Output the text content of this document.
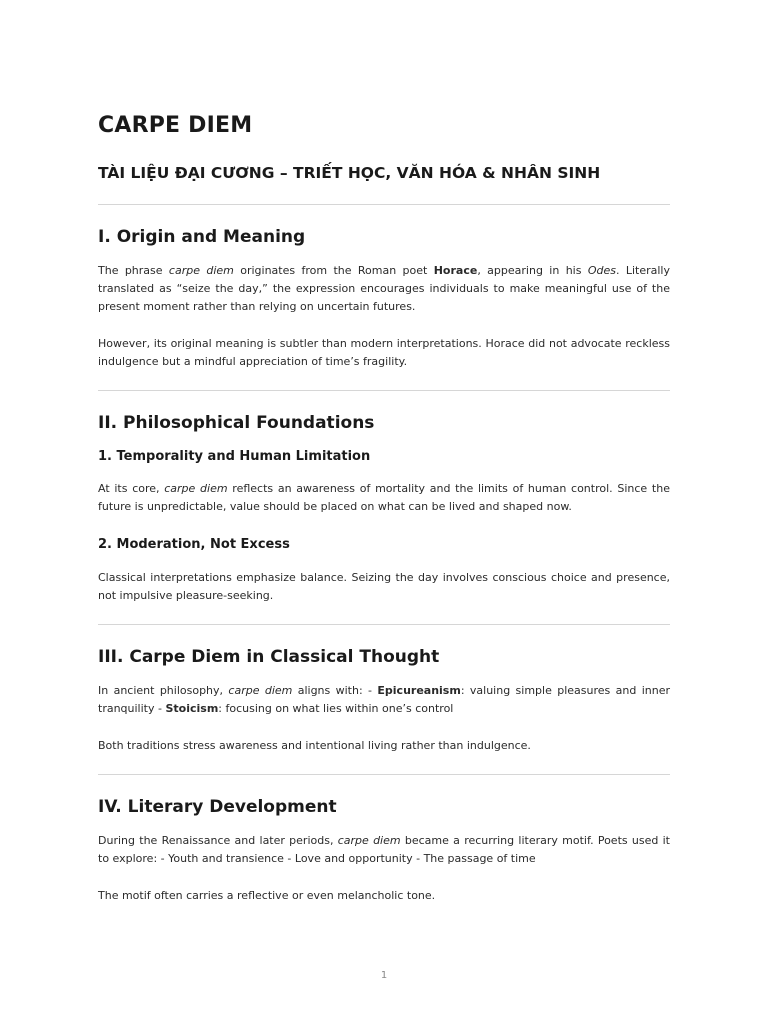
CARPE DIEM
TÀI LIỆU ĐẠI CƯƠNG – TRIẾT HỌC, VĂN HÓA & NHÂN SINH
I. Origin and Meaning

The phrase carpe diem originates from the Roman poet Horace, appearing in his Odes. Literally translated as “seize the day,” the expression encourages individuals to make meaningful use of the present moment rather than relying on uncertain futures.

However, its original meaning is subtler than modern interpretations. Horace did not advocate reckless indulgence but a mindful appreciation of time’s fragility.

II. Philosophical Foundations
1. Temporality and Human Limitation

At its core, carpe diem reflects an awareness of mortality and the limits of human control. Since the future is unpredictable, value should be placed on what can be lived and shaped now.

2. Moderation, Not Excess

Classical interpretations emphasize balance. Seizing the day involves conscious choice and presence, not impulsive pleasure-seeking.

III. Carpe Diem in Classical Thought

In ancient philosophy, carpe diem aligns with: - Epicureanism: valuing simple pleasures and inner tranquility - Stoicism: focusing on what lies within one’s control

Both traditions stress awareness and intentional living rather than indulgence.

IV. Literary Development

During the Renaissance and later periods, carpe diem became a recurring literary motif. Poets used it to explore: - Youth and transience - Love and opportunity - The passage of time

The motif often carries a reflective or even melancholic tone.

1
